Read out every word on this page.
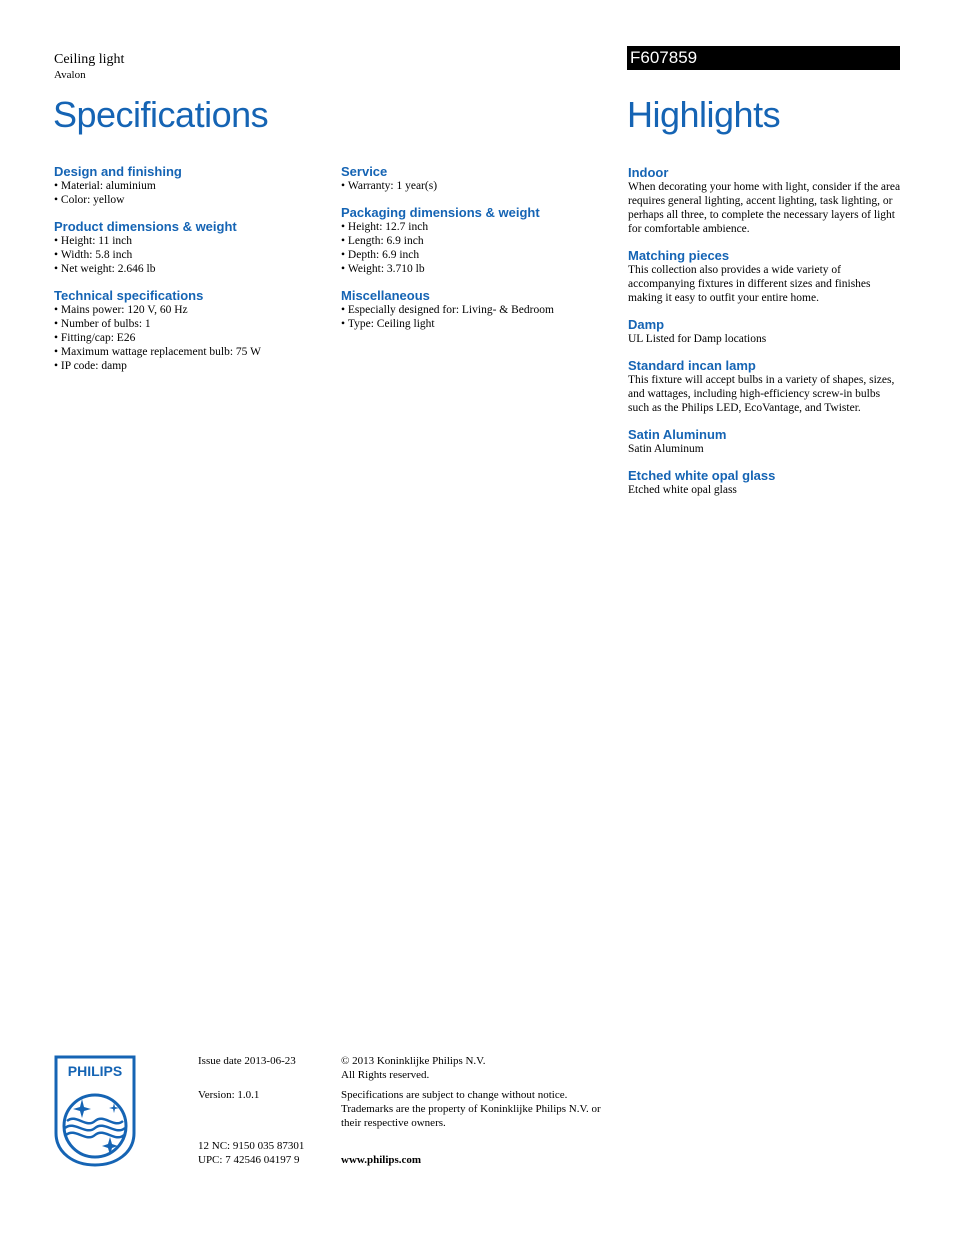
Ceiling light
Avalon
F607859
Specifications	Highlights
Design and finishing
• Material: aluminium
• Color: yellow
Product dimensions & weight
• Height: 11 inch
• Width: 5.8 inch
• Net weight: 2.646 lb
Technical specifications
• Mains power: 120 V, 60 Hz
• Number of bulbs: 1
• Fitting/cap: E26
• Maximum wattage replacement bulb: 75 W
• IP code: damp
Service
• Warranty: 1 year(s)
Packaging dimensions & weight
• Height: 12.7 inch
• Length: 6.9 inch
• Depth: 6.9 inch
• Weight: 3.710 lb
Miscellaneous
• Especially designed for: Living- & Bedroom
• Type: Ceiling light
Indoor

When decorating your home with light, consider if the area requires general lighting, accent lighting, task lighting, or perhaps all three, to complete the necessary layers of light for comfortable ambience.

Matching pieces

This collection also provides a wide variety of accompanying fixtures in different sizes and finishes making it easy to outfit your entire home.

Damp

UL Listed for Damp locations

Standard incan lamp

This fixture will accept bulbs in a variety of shapes, sizes, and wattages, including high-efficiency screw-in bulbs such as the Philips LED, EcoVantage, and Twister.

Satin Aluminum

Satin Aluminum

Etched white opal glass

Etched white opal glass

PHILIPS
Issue date 2013-06-23
Version: 1.0.1
12 NC: 9150 035 87301
UPC: 7 42546 04197 9
© 2013 Koninklijke Philips N.V.
All Rights reserved.
Specifications are subject to change without notice. Trademarks are the property of Koninklijke Philips N.V. or their respective owners.
www.philips.com
